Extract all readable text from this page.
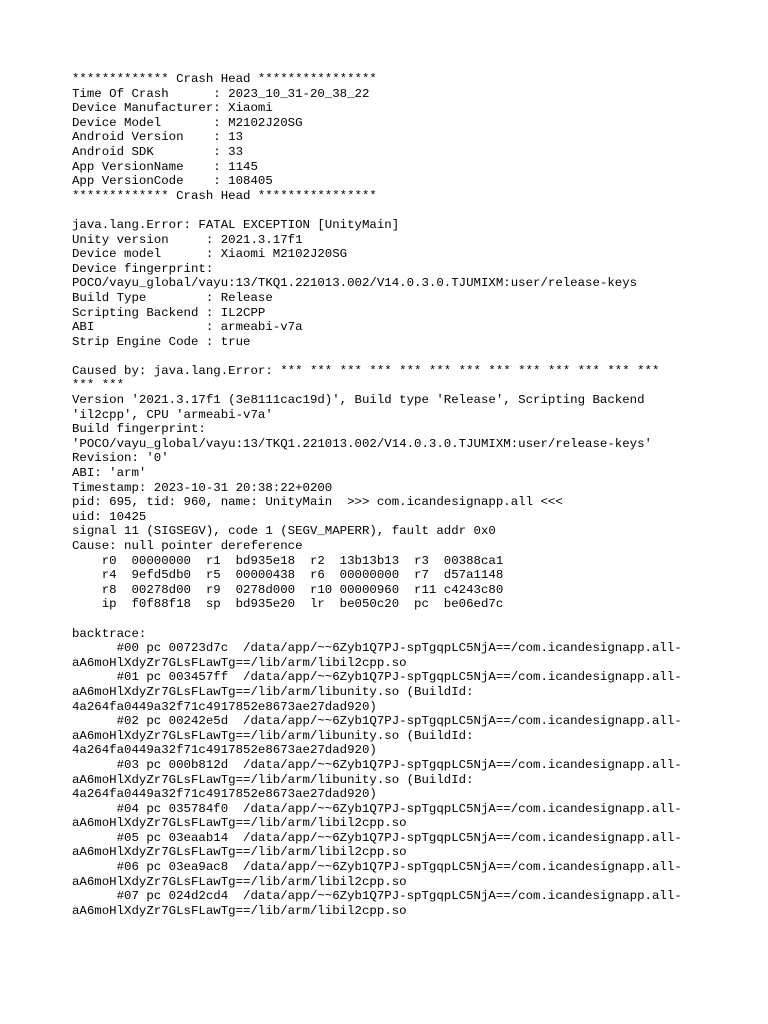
************* Crash Head ****************
Time Of Crash      : 2023_10_31-20_38_22
Device Manufacturer: Xiaomi
Device Model       : M2102J20SG
Android Version    : 13
Android SDK        : 33
App VersionName    : 1145
App VersionCode    : 108405
************* Crash Head ****************
java.lang.Error: FATAL EXCEPTION [UnityMain]
Unity version     : 2021.3.17f1
Device model      : Xiaomi M2102J20SG
Device fingerprint:
POCO/vayu_global/vayu:13/TKQ1.221013.002/V14.0.3.0.TJUMIXM:user/release-keys
Build Type        : Release
Scripting Backend : IL2CPP
ABI               : armeabi-v7a
Strip Engine Code : true
Caused by: java.lang.Error: *** *** *** *** *** *** *** *** *** *** *** *** ***
*** ***
Version '2021.3.17f1 (3e8111cac19d)', Build type 'Release', Scripting Backend
'il2cpp', CPU 'armeabi-v7a'
Build fingerprint:
'POCO/vayu_global/vayu:13/TKQ1.221013.002/V14.0.3.0.TJUMIXM:user/release-keys'
Revision: '0'
ABI: 'arm'
Timestamp: 2023-10-31 20:38:22+0200
pid: 695, tid: 960, name: UnityMain  >>> com.icandesignapp.all <<<
uid: 10425
signal 11 (SIGSEGV), code 1 (SEGV_MAPERR), fault addr 0x0
Cause: null pointer dereference
r0  00000000  r1  bd935e18  r2  13b13b13  r3  00388ca1
r4  9efd5db0  r5  00000438  r6  00000000  r7  d57a1148
r8  00278d00  r9  0278d000  r10 00000960  r11 c4243c80
ip  f0f88f18  sp  bd935e20  lr  be050c20  pc  be06ed7c
backtrace:
#00 pc 00723d7c  /data/app/~~6Zyb1Q7PJ-spTgqpLC5NjA==/com.icandesignapp.all-
aA6moHlXdyZr7GLsFLawTg==/lib/arm/libil2cpp.so
#01 pc 003457ff  /data/app/~~6Zyb1Q7PJ-spTgqpLC5NjA==/com.icandesignapp.all-
aA6moHlXdyZr7GLsFLawTg==/lib/arm/libunity.so (BuildId:
4a264fa0449a32f71c4917852e8673ae27dad920)
#02 pc 00242e5d  /data/app/~~6Zyb1Q7PJ-spTgqpLC5NjA==/com.icandesignapp.all-
aA6moHlXdyZr7GLsFLawTg==/lib/arm/libunity.so (BuildId:
4a264fa0449a32f71c4917852e8673ae27dad920)
#03 pc 000b812d  /data/app/~~6Zyb1Q7PJ-spTgqpLC5NjA==/com.icandesignapp.all-
aA6moHlXdyZr7GLsFLawTg==/lib/arm/libunity.so (BuildId:
4a264fa0449a32f71c4917852e8673ae27dad920)
#04 pc 035784f0  /data/app/~~6Zyb1Q7PJ-spTgqpLC5NjA==/com.icandesignapp.all-
aA6moHlXdyZr7GLsFLawTg==/lib/arm/libil2cpp.so
#05 pc 03eaab14  /data/app/~~6Zyb1Q7PJ-spTgqpLC5NjA==/com.icandesignapp.all-
aA6moHlXdyZr7GLsFLawTg==/lib/arm/libil2cpp.so
#06 pc 03ea9ac8  /data/app/~~6Zyb1Q7PJ-spTgqpLC5NjA==/com.icandesignapp.all-
aA6moHlXdyZr7GLsFLawTg==/lib/arm/libil2cpp.so
#07 pc 024d2cd4  /data/app/~~6Zyb1Q7PJ-spTgqpLC5NjA==/com.icandesignapp.all-
aA6moHlXdyZr7GLsFLawTg==/lib/arm/libil2cpp.so
